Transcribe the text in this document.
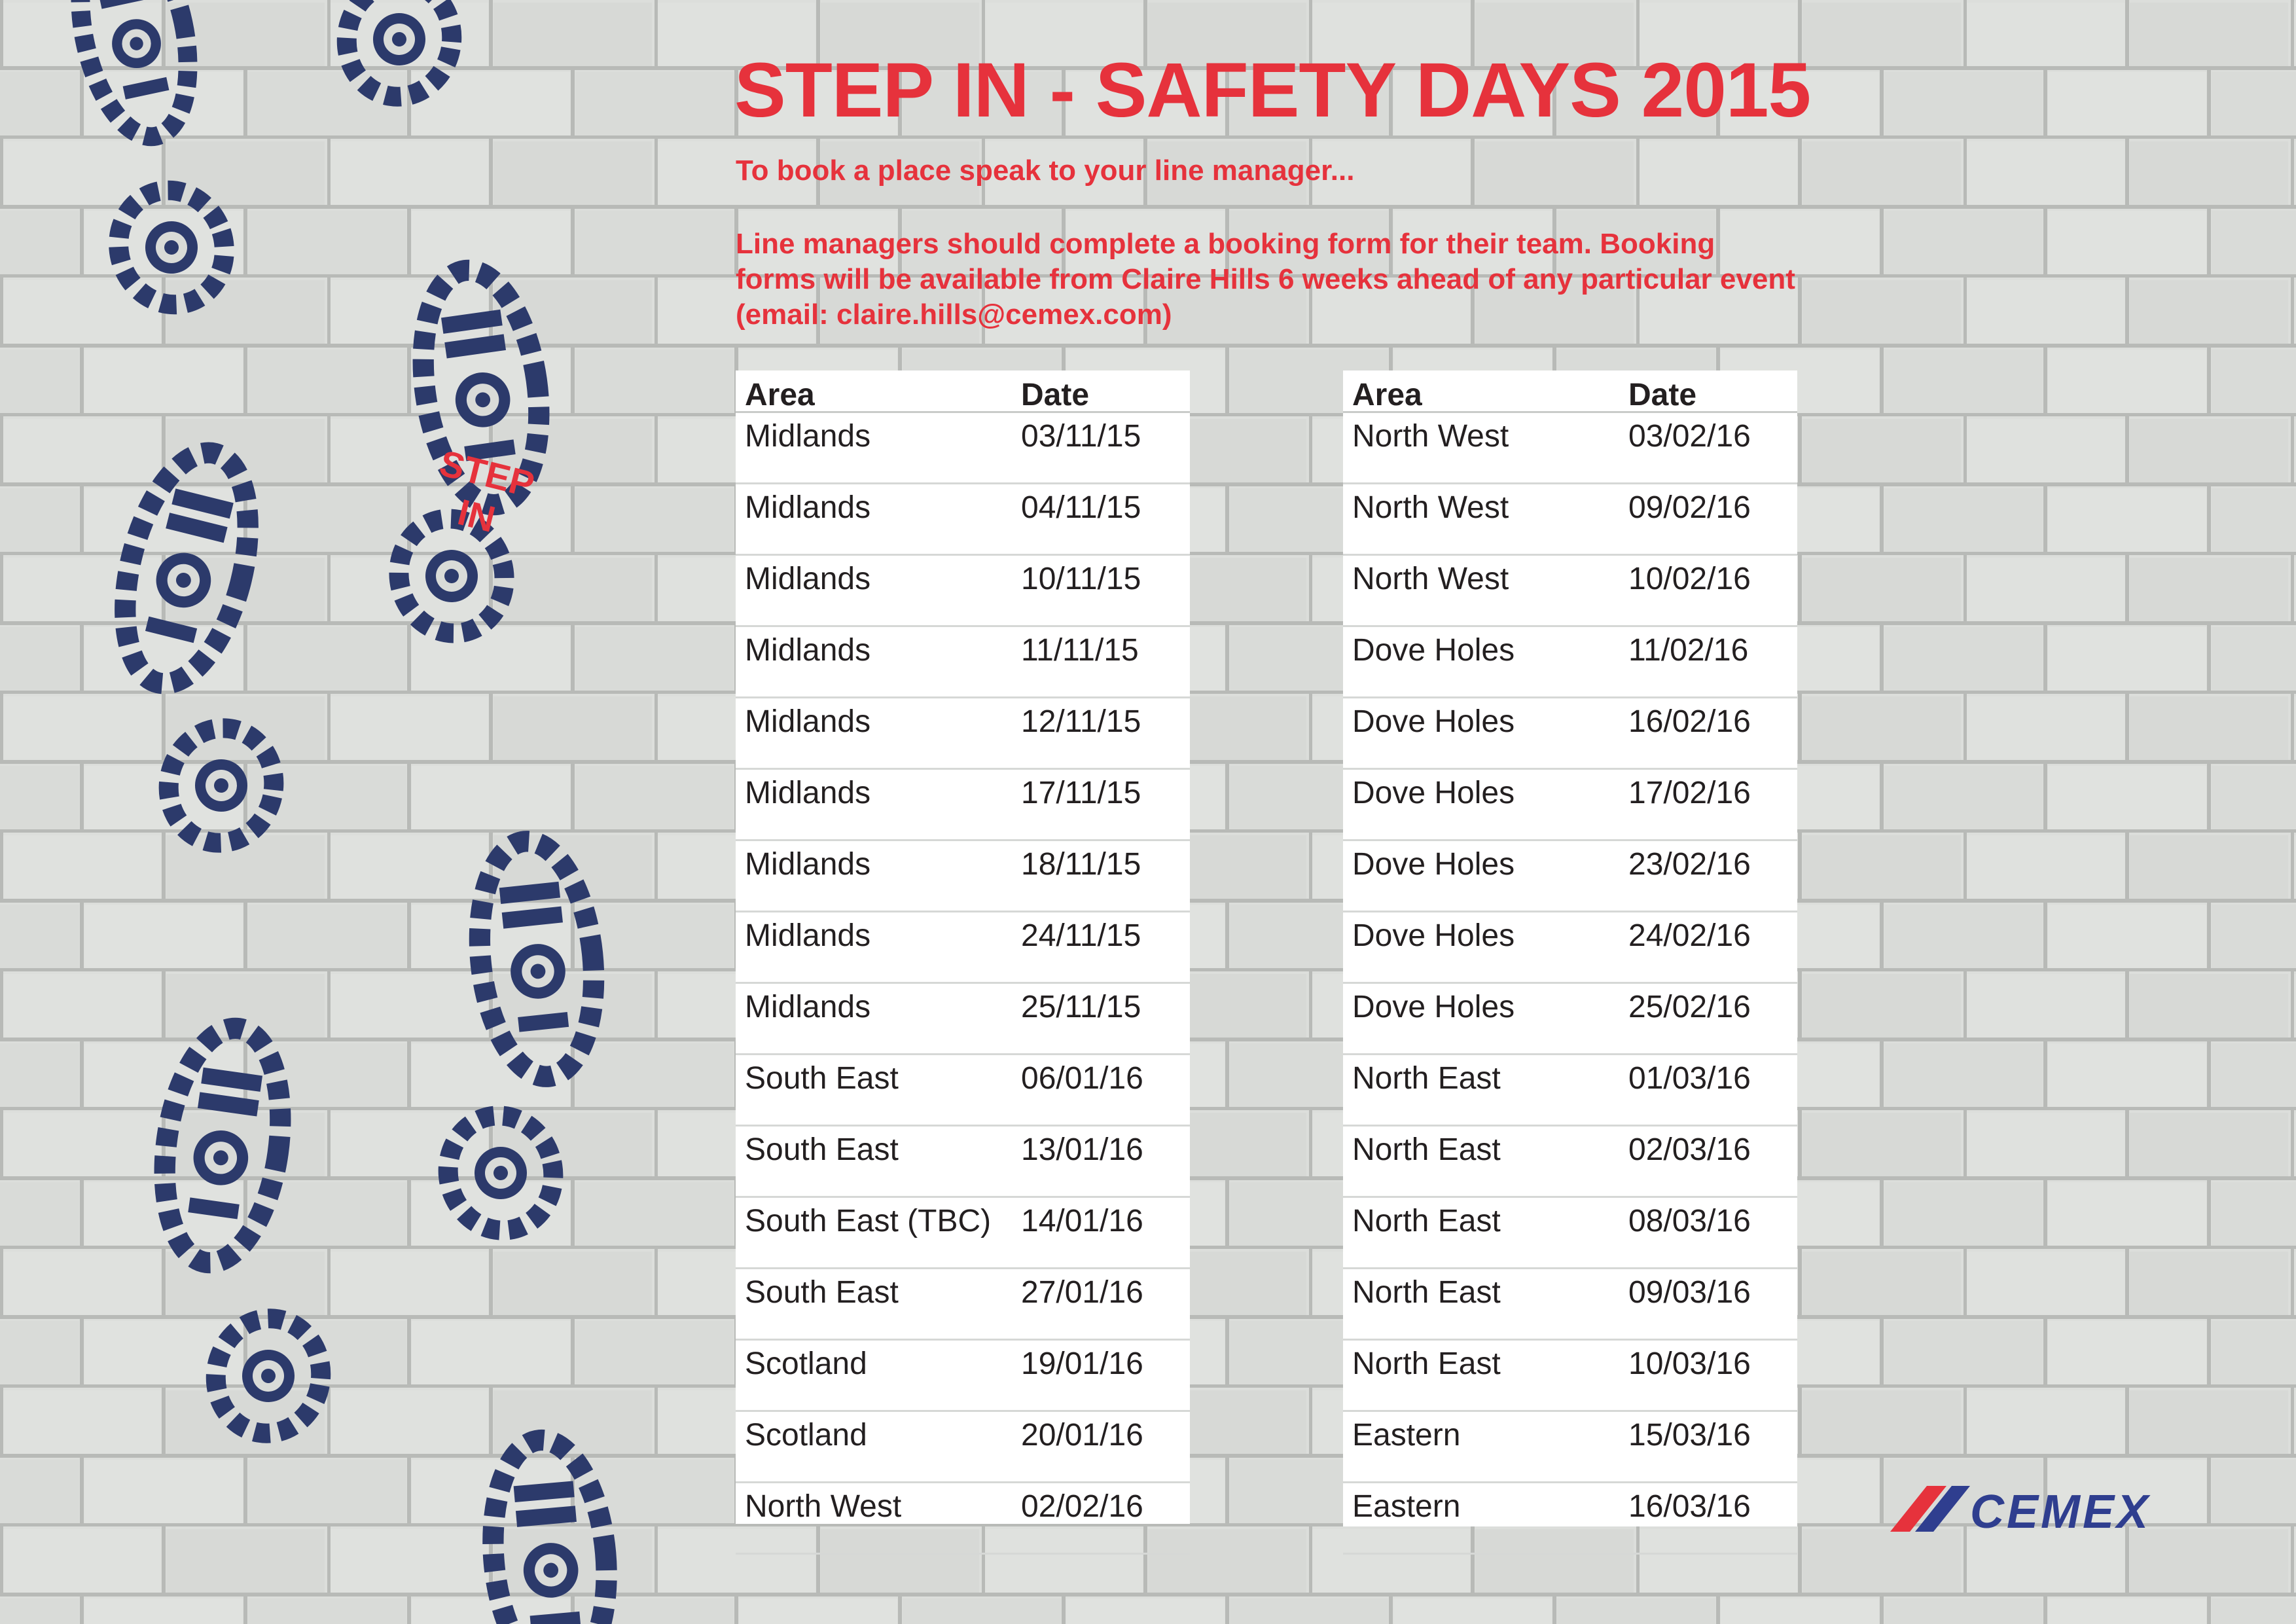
STEP IN
STEP IN - SAFETY DAYS 2015

To book a place speak to your line manager...

Line managers should complete a booking form for their team. Booking forms will be available from Claire Hills 6 weeks ahead of any particular event (email: claire.hills@cemex.com)

Area	Date
Midlands	03/11/15
Midlands	04/11/15
Midlands	10/11/15
Midlands	11/11/15
Midlands	12/11/15
Midlands	17/11/15
Midlands	18/11/15
Midlands	24/11/15
Midlands	25/11/15
South East	06/01/16
South East	13/01/16
South East (TBC) 14/01/16
South East	27/01/16
Scotland	19/01/16
Scotland	20/01/16
North West	02/02/16
Area	Date
North West	03/02/16
North West	09/02/16
North West	10/02/16
Dove Holes	11/02/16
Dove Holes	16/02/16
Dove Holes	17/02/16
Dove Holes	23/02/16
Dove Holes	24/02/16
Dove Holes	25/02/16
North East	01/03/16
North East	02/03/16
North East	08/03/16
North East	09/03/16
North East	10/03/16
Eastern	15/03/16
Eastern	16/03/16	CEMEX
